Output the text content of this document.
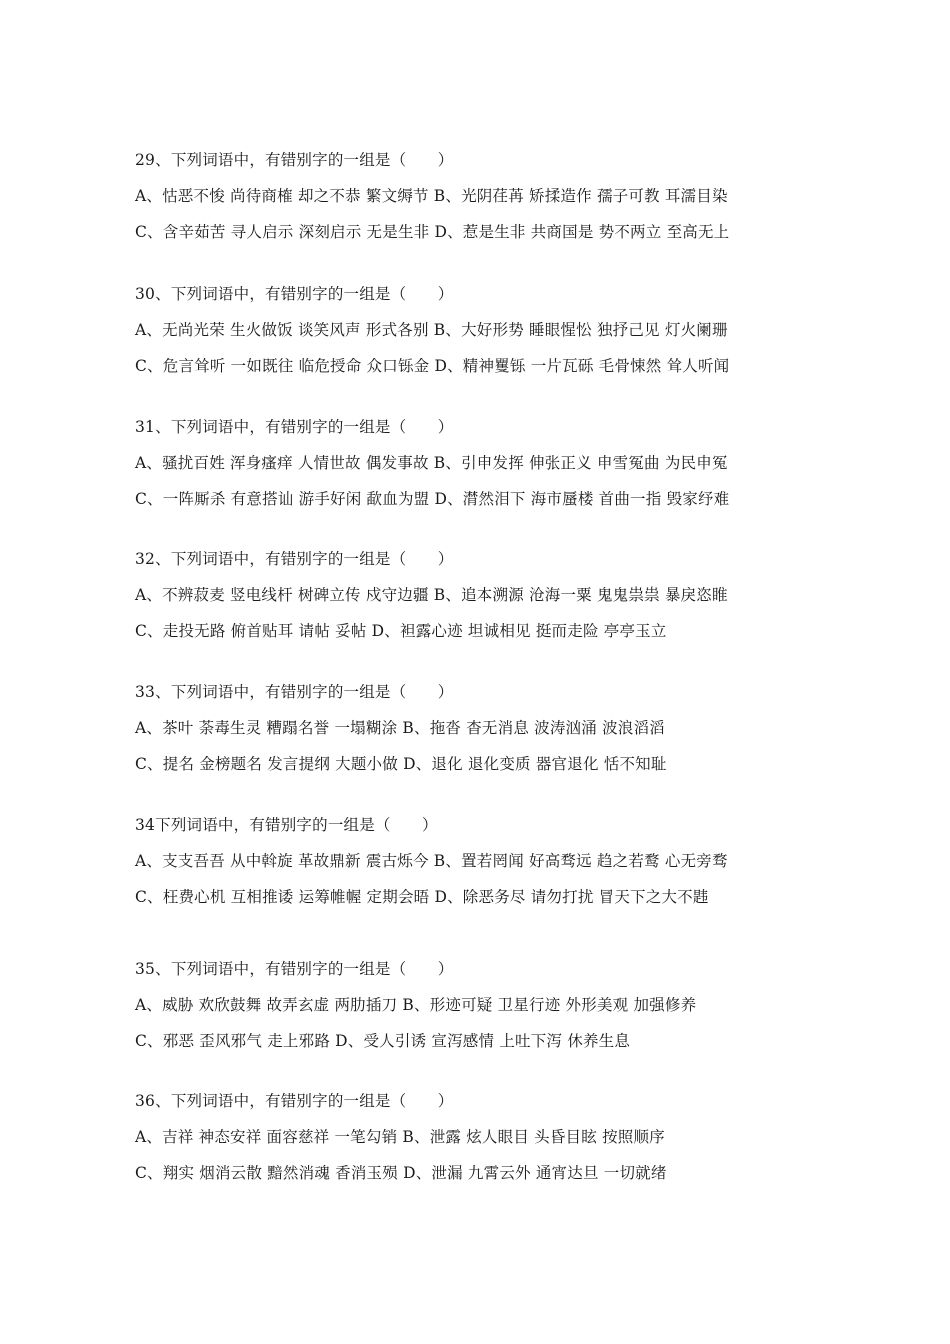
29、下列词语中，有错别字的一组是（　　）
A、怙恶不悛 尚待商榷 却之不恭 繁文缛节 B、光阴荏苒 矫揉造作 孺子可教 耳濡目染
C、含辛茹苦 寻人启示 深刻启示 无是生非 D、惹是生非 共商国是 势不两立 至高无上
30、下列词语中，有错别字的一组是（　　）
A、无尚光荣 生火做饭 谈笑风声 形式各别 B、大好形势 睡眼惺忪 独抒己见 灯火阑珊
C、危言耸听 一如既往 临危授命 众口铄金 D、精神矍铄 一片瓦砾 毛骨悚然 耸人听闻
31、下列词语中，有错别字的一组是（　　）
A、骚扰百姓 浑身瘙痒 人情世故 偶发事故 B、引申发挥 伸张正义 申雪冤曲 为民申冤
C、一阵厮杀 有意搭讪 游手好闲 歃血为盟 D、潸然泪下 海市蜃楼 首曲一指 毁家纾难
32、下列词语中，有错别字的一组是（　　）
A、不辨菽麦 竖电线杆 树碑立传 戍守边疆 B、追本溯源 沧海一粟 鬼鬼祟祟 暴戾恣睢
C、走投无路 俯首贴耳 请帖 妥帖 D、袒露心迹 坦诚相见 挺而走险 亭亭玉立
33、下列词语中，有错别字的一组是（　　）
A、茶叶 荼毒生灵 糟蹋名誉 一塌糊涂 B、拖沓 杳无消息 波涛汹涌 波浪滔滔
C、提名 金榜题名 发言提纲 大题小做 D、退化 退化变质 器官退化 恬不知耻
34下列词语中，有错别字的一组是（　　）
A、支支吾吾 从中斡旋 革故鼎新 震古烁今 B、置若罔闻 好高骛远 趋之若鹜 心无旁骛
C、枉费心机 互相推诿 运筹帷幄 定期会晤 D、除恶务尽 请勿打扰 冒天下之大不韪
35、下列词语中，有错别字的一组是（　　）
A、威胁 欢欣鼓舞 故弄玄虚 两肋插刀 B、形迹可疑 卫星行迹 外形美观 加强修养
C、邪恶 歪风邪气 走上邪路 D、受人引诱 宣泻感情 上吐下泻 休养生息
36、下列词语中，有错别字的一组是（　　）
A、吉祥 神态安祥 面容慈祥 一笔勾销 B、泄露 炫人眼目 头昏目眩 按照顺序
C、翔实 烟消云散 黯然消魂 香消玉殒 D、泄漏 九霄云外 通宵达旦 一切就绪
